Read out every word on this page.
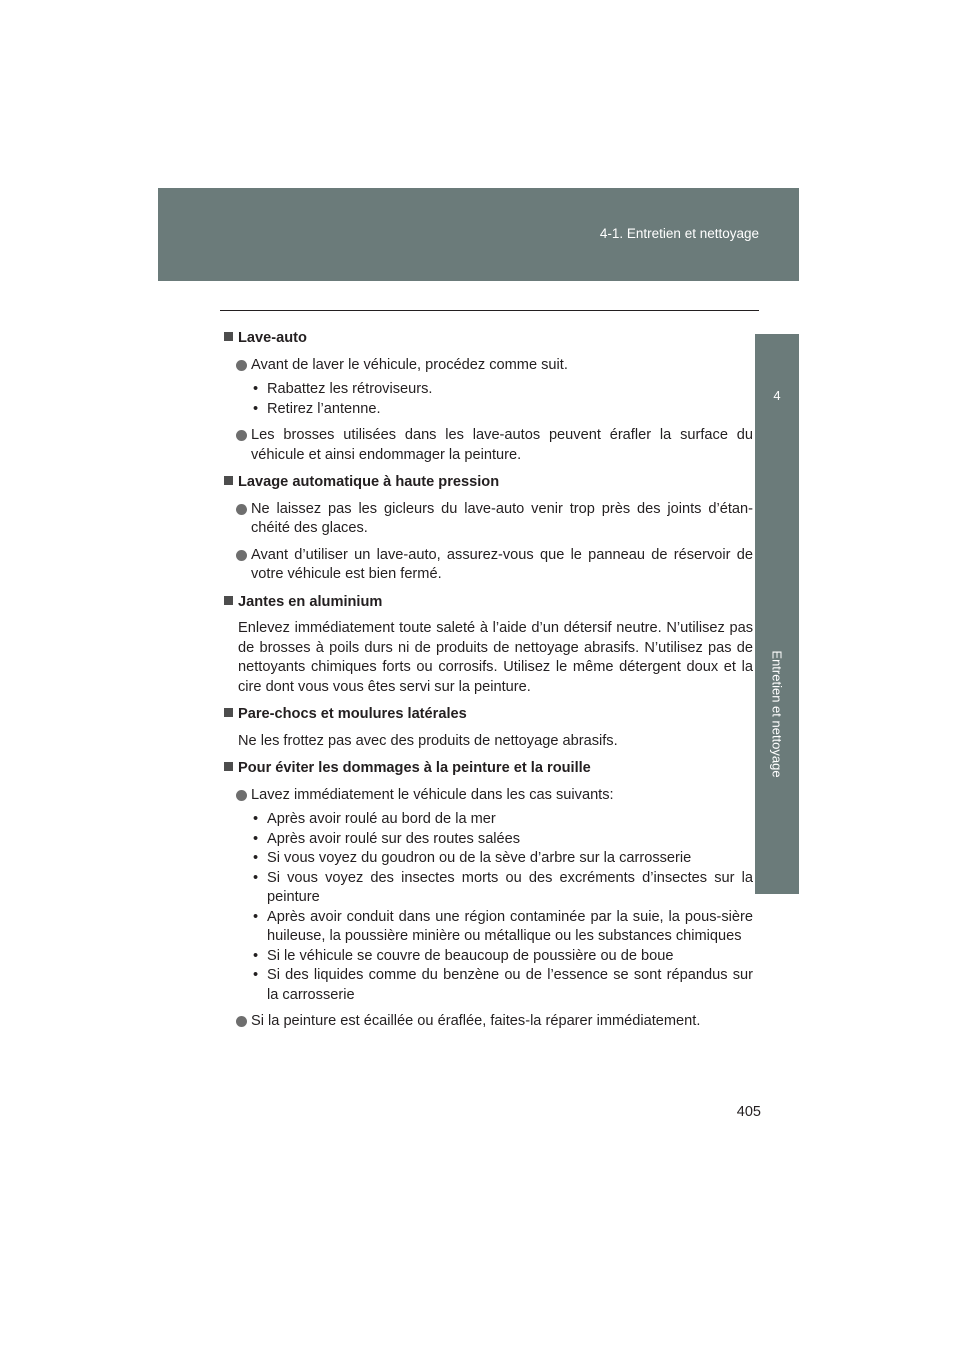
4-1. Entretien et nettoyage
4
Entretien et nettoyage
Lave-auto
Avant de laver le véhicule, procédez comme suit.
• Rabattez les rétroviseurs.
• Retirez l’antenne.
Les brosses utilisées dans les lave-autos peuvent érafler la surface du véhicule et ainsi endommager la peinture.
Lavage automatique à haute pression
Ne laissez pas les gicleurs du lave-auto venir trop près des joints d’étan-chéité des glaces.
Avant d’utiliser un lave-auto, assurez-vous que le panneau de réservoir de votre véhicule est bien fermé.
Jantes en aluminium
Enlevez immédiatement toute saleté à l’aide d’un détersif neutre. N’utilisez pas de brosses à poils durs ni de produits de nettoyage abrasifs. N’utilisez pas de nettoyants chimiques forts ou corrosifs. Utilisez le même détergent doux et la cire dont vous vous êtes servi sur la peinture.
Pare-chocs et moulures latérales
Ne les frottez pas avec des produits de nettoyage abrasifs.
Pour éviter les dommages à la peinture et la rouille
Lavez immédiatement le véhicule dans les cas suivants:
• Après avoir roulé au bord de la mer
• Après avoir roulé sur des routes salées
• Si vous voyez du goudron ou de la sève d’arbre sur la carrosserie
• Si vous voyez des insectes morts ou des excréments d’insectes sur la peinture
• Après avoir conduit dans une région contaminée par la suie, la pous-sière huileuse, la poussière minière ou métallique ou les substances chimiques
• Si le véhicule se couvre de beaucoup de poussière ou de boue
• Si des liquides comme du benzène ou de l’essence se sont répandus sur la carrosserie
Si la peinture est écaillée ou éraflée, faites-la réparer immédiatement.
405
